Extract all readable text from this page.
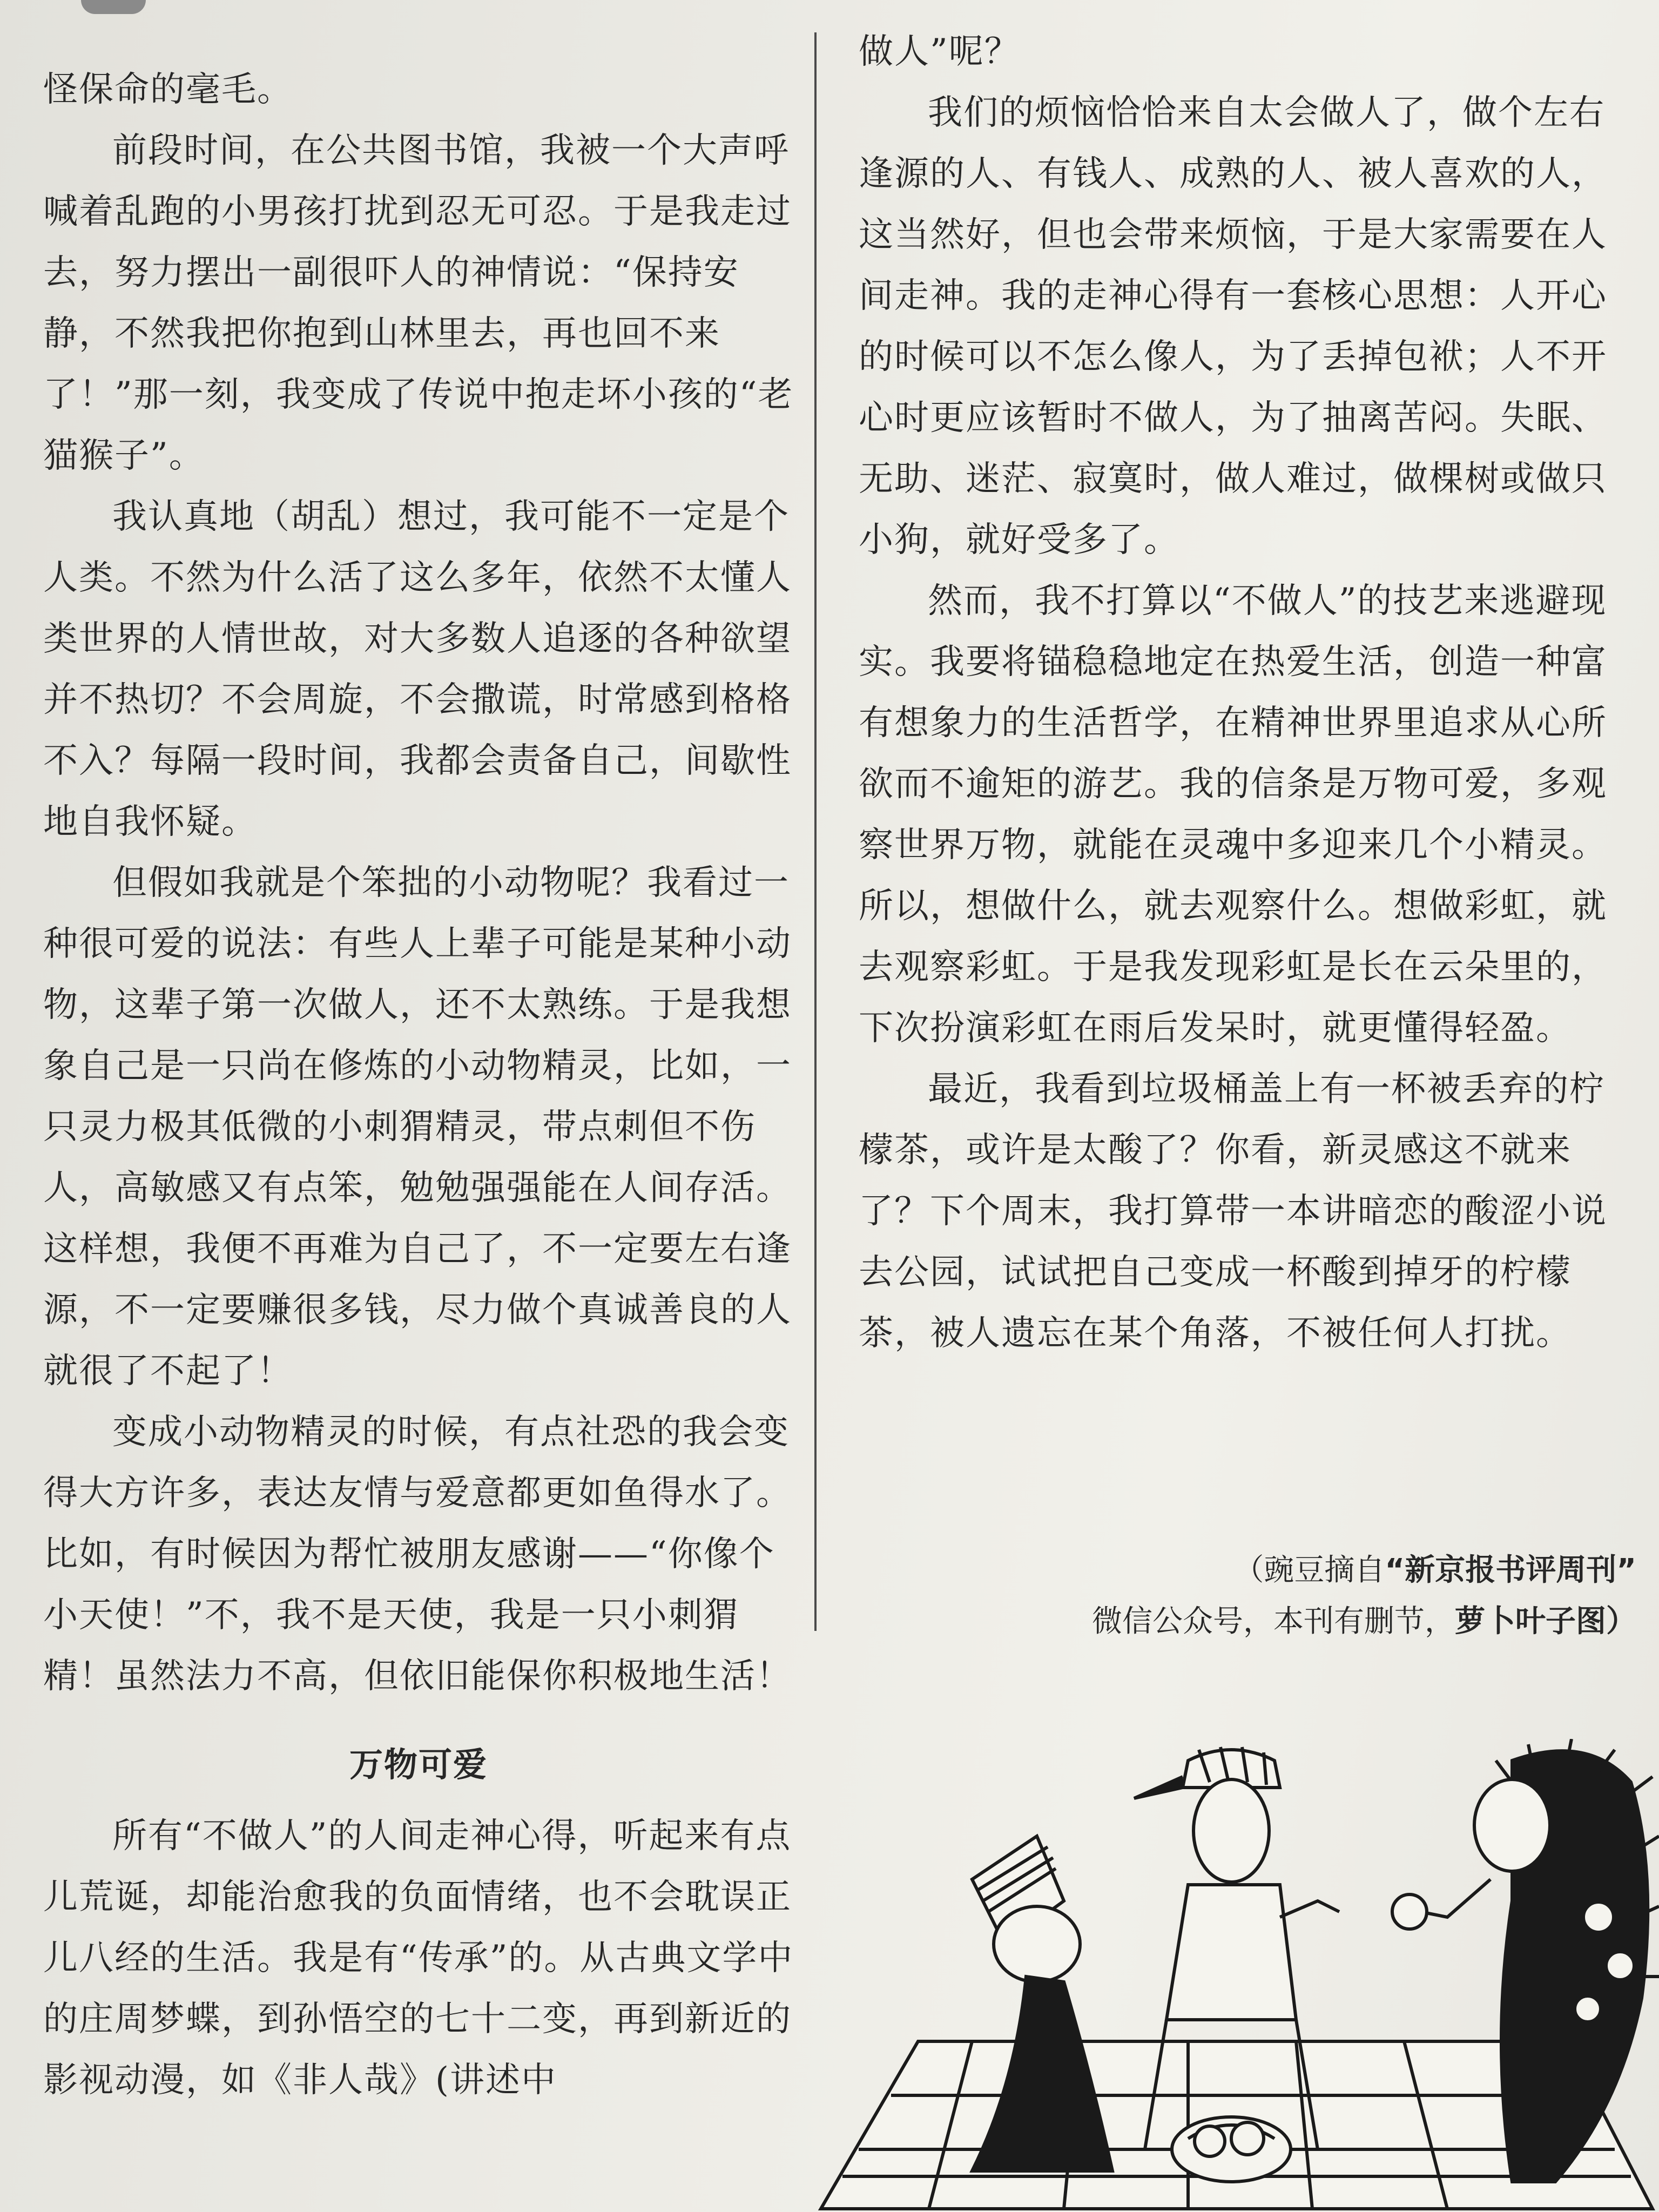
怪保命的毫毛。

前段时间，在公共图书馆，我被一个大声呼喊着乱跑的小男孩打扰到忍无可忍。于是我走过去，努力摆出一副很吓人的神情说：“保持安静，不然我把你抱到山林里去，再也回不来了！”那一刻，我变成了传说中抱走坏小孩的“老猫猴子”。

我认真地（胡乱）想过，我可能不一定是个人类。不然为什么活了这么多年，依然不太懂人类世界的人情世故，对大多数人追逐的各种欲望并不热切？不会周旋，不会撒谎，时常感到格格不入？每隔一段时间，我都会责备自己，间歇性地自我怀疑。

但假如我就是个笨拙的小动物呢？我看过一种很可爱的说法：有些人上辈子可能是某种小动物，这辈子第一次做人，还不太熟练。于是我想象自己是一只尚在修炼的小动物精灵，比如，一只灵力极其低微的小刺猬精灵，带点刺但不伤人，高敏感又有点笨，勉勉强强能在人间存活。这样想，我便不再难为自己了，不一定要左右逢源，不一定要赚很多钱，尽力做个真诚善良的人就很了不起了！

变成小动物精灵的时候，有点社恐的我会变得大方许多，表达友情与爱意都更如鱼得水了。比如，有时候因为帮忙被朋友感谢——“你像个小天使！”不，我不是天使，我是一只小刺猬精！虽然法力不高，但依旧能保你积极地生活！

万物可爱

所有“不做人”的人间走神心得，听起来有点儿荒诞，却能治愈我的负面情绪，也不会耽误正儿八经的生活。我是有“传承”的。从古典文学中的庄周梦蝶，到孙悟空的七十二变，再到新近的影视动漫，如《非人哉》(讲述中

做人”呢？

我们的烦恼恰恰来自太会做人了，做个左右逢源的人、有钱人、成熟的人、被人喜欢的人，这当然好，但也会带来烦恼，于是大家需要在人间走神。我的走神心得有一套核心思想：人开心的时候可以不怎么像人，为了丢掉包袱；人不开心时更应该暂时不做人，为了抽离苦闷。失眠、无助、迷茫、寂寞时，做人难过，做棵树或做只小狗，就好受多了。

然而，我不打算以“不做人”的技艺来逃避现实。我要将锚稳稳地定在热爱生活，创造一种富有想象力的生活哲学，在精神世界里追求从心所欲而不逾矩的游艺。我的信条是万物可爱，多观察世界万物，就能在灵魂中多迎来几个小精灵。所以，想做什么，就去观察什么。想做彩虹，就去观察彩虹。于是我发现彩虹是长在云朵里的，下次扮演彩虹在雨后发呆时，就更懂得轻盈。

最近，我看到垃圾桶盖上有一杯被丢弃的柠檬茶，或许是太酸了？你看，新灵感这不就来了？下个周末，我打算带一本讲暗恋的酸涩小说去公园，试试把自己变成一杯酸到掉牙的柠檬茶，被人遗忘在某个角落，不被任何人打扰。

（豌豆摘自“新京报书评周刊”
微信公众号，本刊有删节，萝卜叶子图）
